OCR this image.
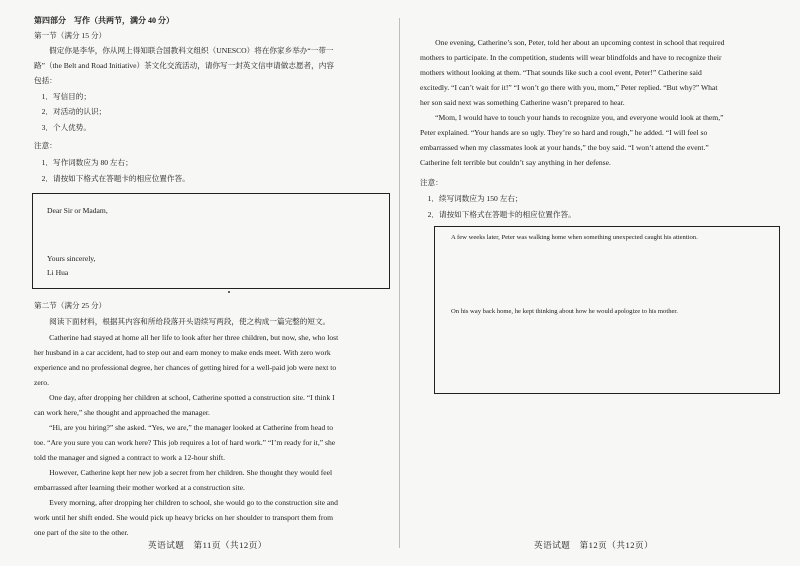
第四部分　写作（共两节，满分 40 分）
第一节（满分 15 分）
　　假定你是李华，你从网上得知联合国教科文组织（UNESCO）将在你家乡举办“一带一
路”（the Belt and Road Initiative）茶文化交流活动，请你写一封英文信申请做志愿者，内容
包括：
　1．写信目的；
　2．对活动的认识；
　3．个人优势。
注意：
　1．写作词数应为 80 左右；
　2．请按如下格式在答题卡的相应位置作答。
Dear Sir or Madam,
Yours sincerely,
Li Hua
第二节（满分 25 分）
　　阅读下面材料，根据其内容和所给段落开头语续写两段，使之构成一篇完整的短文。
　　Catherine had stayed at home all her life to look after her three children, but now, she, who lost
her husband in a car accident, had to step out and earn money to make ends meet. With zero work
experience and no professional degree, her chances of getting hired for a well-paid job were next to
zero.
　　One day, after dropping her children at school, Catherine spotted a construction site. “I think I
can work here,” she thought and approached the manager.
　　“Hi, are you hiring?” she asked. “Yes, we are,” the manager looked at Catherine from head to
toe. “Are you sure you can work here? This job requires a lot of hard work.” “I’m ready for it,” she
told the manager and signed a contract to work a 12-hour shift.
　　However, Catherine kept her new job a secret from her children. She thought they would feel
embarrassed after learning their mother worked at a construction site.
　　Every morning, after dropping her children to school, she would go to the construction site and
work until her shift ended. She would pick up heavy bricks on her shoulder to transport them from
one part of the site to the other.
英语试题　第11页（共12页）
　　One evening, Catherine’s son, Peter, told her about an upcoming contest in school that required
mothers to participate. In the competition, students will wear blindfolds and have to recognize their
mothers without looking at them. “That sounds like such a cool event, Peter!” Catherine said
excitedly. “I can’t wait for it!” “I won’t go there with you, mom,” Peter replied. “But why?” What
her son said next was something Catherine wasn’t prepared to hear.
　　“Mom, I would have to touch your hands to recognize you, and everyone would look at them,”
Peter explained. “Your hands are so ugly. They’re so hard and rough,” he added. “I will feel so
embarrassed when my classmates look at your hands,” the boy said. “I won’t attend the event.”
Catherine felt terrible but couldn’t say anything in her defense.
注意：
　1．续写词数应为 150 左右；
　2．请按如下格式在答题卡的相应位置作答。
A few weeks later, Peter was walking home when something unexpected caught his attention.
On his way back home, he kept thinking about how he would apologize to his mother.
英语试题　第12页（共12页）
